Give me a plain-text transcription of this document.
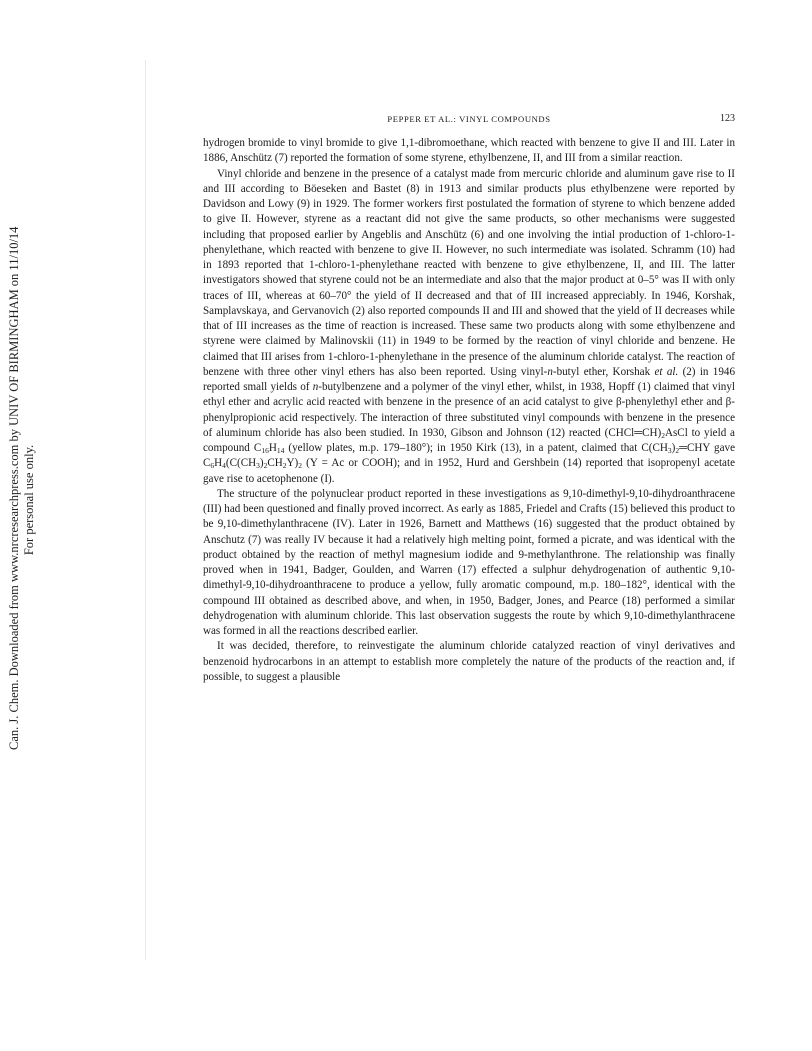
Can. J. Chem. Downloaded from www.nrcresearchpress.com by UNIV OF BIRMINGHAM on 11/10/14 For personal use only.
PEPPER ET AL.: VINYL COMPOUNDS	123

hydrogen bromide to vinyl bromide to give 1,1-dibromoethane, which reacted with benzene to give II and III. Later in 1886, Anschütz (7) reported the formation of some styrene, ethylbenzene, II, and III from a similar reaction.

Vinyl chloride and benzene in the presence of a catalyst made from mercuric chloride and aluminum gave rise to II and III according to Böeseken and Bastet (8) in 1913 and similar products plus ethylbenzene were reported by Davidson and Lowy (9) in 1929. The former workers first postulated the formation of styrene to which benzene added to give II. However, styrene as a reactant did not give the same products, so other mechanisms were suggested including that proposed earlier by Angeblis and Anschütz (6) and one involving the intial production of 1-chloro-1-phenylethane, which reacted with benzene to give II. However, no such intermediate was isolated. Schramm (10) had in 1893 reported that 1-chloro-1-phenylethane reacted with benzene to give ethylbenzene, II, and III. The latter investigators showed that styrene could not be an intermediate and also that the major product at 0–5° was II with only traces of III, whereas at 60–70° the yield of II decreased and that of III increased appreciably. In 1946, Korshak, Samplavskaya, and Gervanovich (2) also reported compounds II and III and showed that the yield of II decreases while that of III increases as the time of reaction is increased. These same two products along with some ethylbenzene and styrene were claimed by Malinovskii (11) in 1949 to be formed by the reaction of vinyl chloride and benzene. He claimed that III arises from 1-chloro-1-phenylethane in the presence of the aluminum chloride catalyst. The reaction of benzene with three other vinyl ethers has also been reported. Using vinyl-n-butyl ether, Korshak et al. (2) in 1946 reported small yields of n-butylbenzene and a polymer of the vinyl ether, whilst, in 1938, Hopff (1) claimed that vinyl ethyl ether and acrylic acid reacted with benzene in the presence of an acid catalyst to give β-phenylethyl ether and β-phenylpropionic acid respectively. The interaction of three substituted vinyl compounds with benzene in the presence of aluminum chloride has also been studied. In 1930, Gibson and Johnson (12) reacted $(CHCl═CH)_2AsCl$ to yield a compound $C_{16}H_{14}$ (yellow plates, m.p. 179–180°); in 1950 Kirk (13), in a patent, claimed that $C(CH_3)_2═CHY$ gave $C_6H_4(C(CH_3)_2CH_2Y)_2$ (Y = Ac or COOH); and in 1952, Hurd and Gershbein (14) reported that isopropenyl acetate gave rise to acetophenone (I).

The structure of the polynuclear product reported in these investigations as 9,10-dimethyl-9,10-dihydroanthracene (III) had been questioned and finally proved incorrect. As early as 1885, Friedel and Crafts (15) believed this product to be 9,10-dimethylanthracene (IV). Later in 1926, Barnett and Matthews (16) suggested that the product obtained by Anschutz (7) was really IV because it had a relatively high melting point, formed a picrate, and was identical with the product obtained by the reaction of methyl magnesium iodide and 9-methylanthrone. The relationship was finally proved when in 1941, Badger, Goulden, and Warren (17) effected a sulphur dehydrogenation of authentic 9,10-dimethyl-9,10-dihydroanthracene to produce a yellow, fully aromatic compound, m.p. 180–182°, identical with the compound III obtained as described above, and when, in 1950, Badger, Jones, and Pearce (18) performed a similar dehydrogenation with aluminum chloride. This last observation suggests the route by which 9,10-dimethylanthracene was formed in all the reactions described earlier.

It was decided, therefore, to reinvestigate the aluminum chloride catalyzed reaction of vinyl derivatives and benzenoid hydrocarbons in an attempt to establish more completely the nature of the products of the reaction and, if possible, to suggest a plausible
